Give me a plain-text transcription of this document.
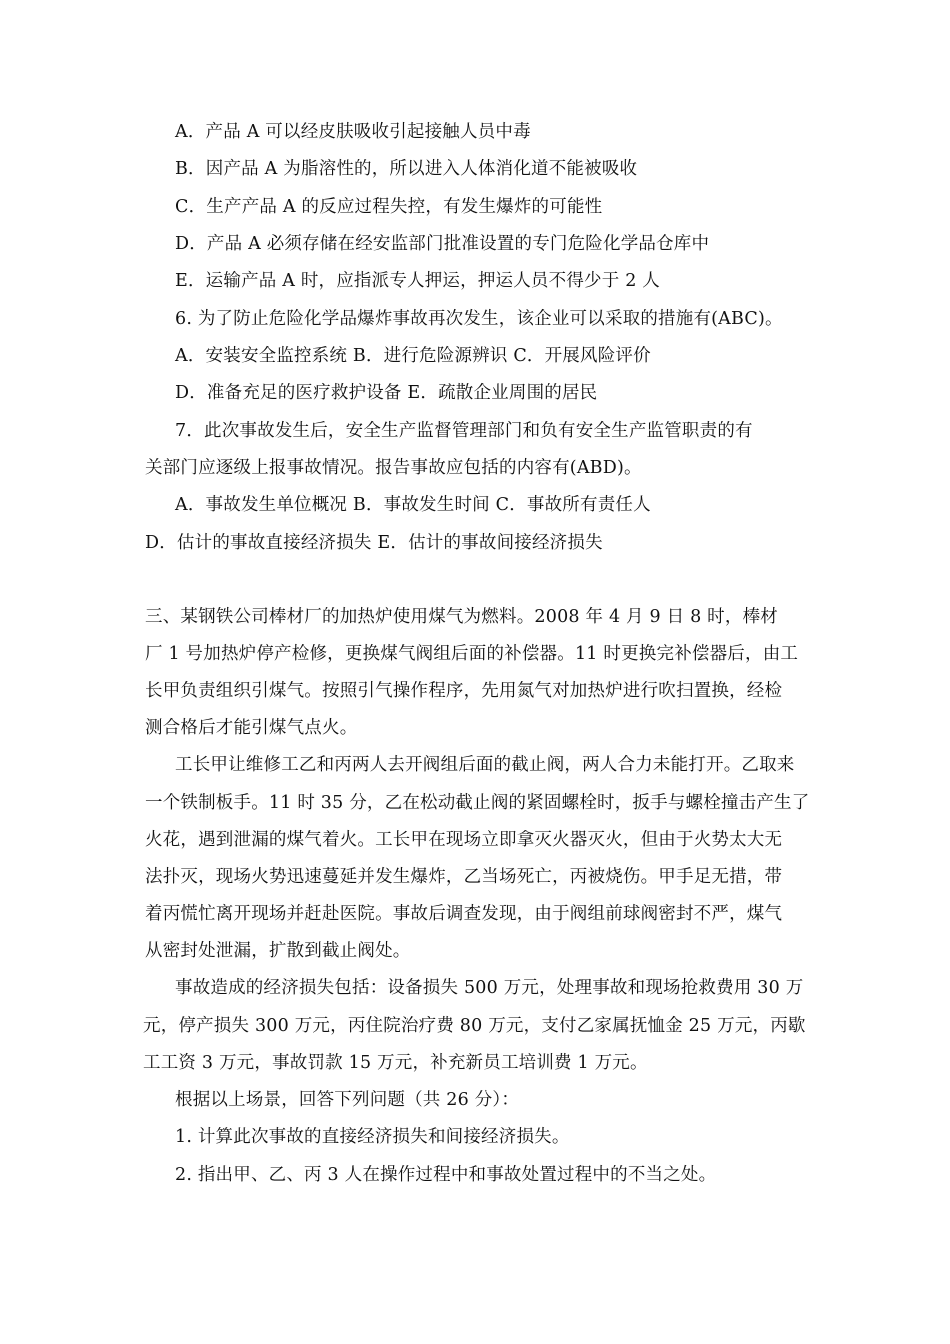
A．产品 A 可以经皮肤吸收引起接触人员中毒
B．因产品 A 为脂溶性的，所以进入人体消化道不能被吸收
C．生产产品 A 的反应过程失控，有发生爆炸的可能性
D．产品 A 必须存储在经安监部门批准设置的专门危险化学品仓库中
E．运输产品 A 时，应指派专人押运，押运人员不得少于 2 人
6. 为了防止危险化学品爆炸事故再次发生，该企业可以采取的措施有(ABC)。
A．安装安全监控系统 B．进行危险源辨识 C．开展风险评价
D．准备充足的医疗救护设备 E．疏散企业周围的居民
7．此次事故发生后，安全生产监督管理部门和负有安全生产监管职责的有
关部门应逐级上报事故情况。报告事故应包括的内容有(ABD)。
A．事故发生单位概况 B．事故发生时间 C．事故所有责任人
D．估计的事故直接经济损失 E．估计的事故间接经济损失
三、某钢铁公司棒材厂的加热炉使用煤气为燃料。2008 年 4 月 9 日 8 时，棒材
厂 1 号加热炉停产检修，更换煤气阀组后面的补偿器。11 时更换完补偿器后，由工
长甲负责组织引煤气。按照引气操作程序，先用氮气对加热炉进行吹扫置换，经检
测合格后才能引煤气点火。
工长甲让维修工乙和丙两人去开阀组后面的截止阀，两人合力未能打开。乙取来
一个铁制板手。11 时 35 分，乙在松动截止阀的紧固螺栓时，扳手与螺栓撞击产生了
火花，遇到泄漏的煤气着火。工长甲在现场立即拿灭火器灭火，但由于火势太大无
法扑灭，现场火势迅速蔓延并发生爆炸，乙当场死亡，丙被烧伤。甲手足无措，带
着丙慌忙离开现场并赶赴医院。事故后调查发现，由于阀组前球阀密封不严，煤气
从密封处泄漏，扩散到截止阀处。
事故造成的经济损失包括：设备损失 500 万元，处理事故和现场抢救费用 30 万
元，停产损失 300 万元，丙住院治疗费 80 万元，支付乙家属抚恤金 25 万元，丙歇
工工资 3 万元，事故罚款 15 万元，补充新员工培训费 1 万元。
根据以上场景，回答下列问题（共 26 分）：
1. 计算此次事故的直接经济损失和间接经济损失。
2. 指出甲、乙、丙 3 人在操作过程中和事故处置过程中的不当之处。
